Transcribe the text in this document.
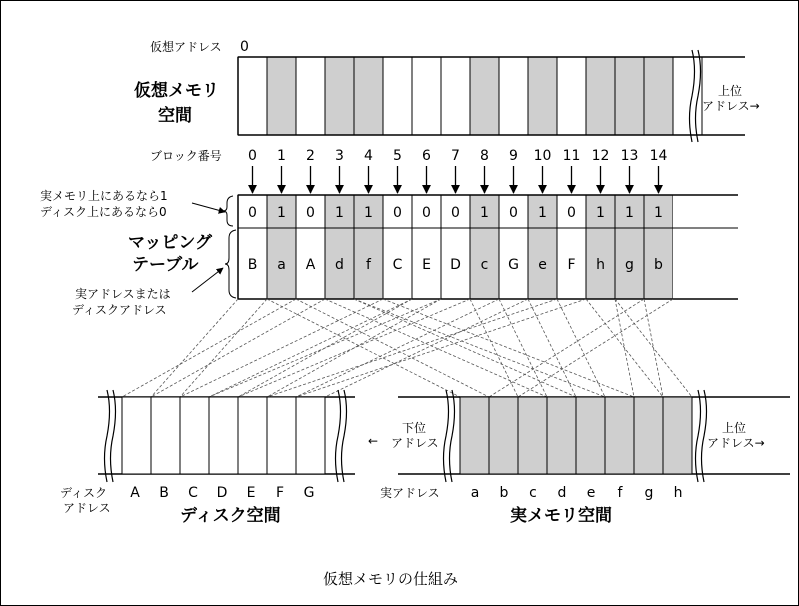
仮想アドレス 0
仮想メモリ
空間
上位
アドレス→
ブロック番号 0 1 2 3 4 5 6 7 8 9 10 11 12 13 14
マッピング
テーブル
実メモリ上にあるなら1
ディスク上にあるなら0
実アドレスまたは
ディスクアドレス
0
B
1
a
0
A
1
d
1
f
0
C
0
E
0
D
1
c
0
G
1
e
0
F
1
h
1
g
1
b
A B C D E F G
ディスク
アドレス	ディスク空間
下位
アドレス
←
a b c d e f g h
上位
アドレス→
実アドレス
実メモリ空間
仮想メモリの仕組み
